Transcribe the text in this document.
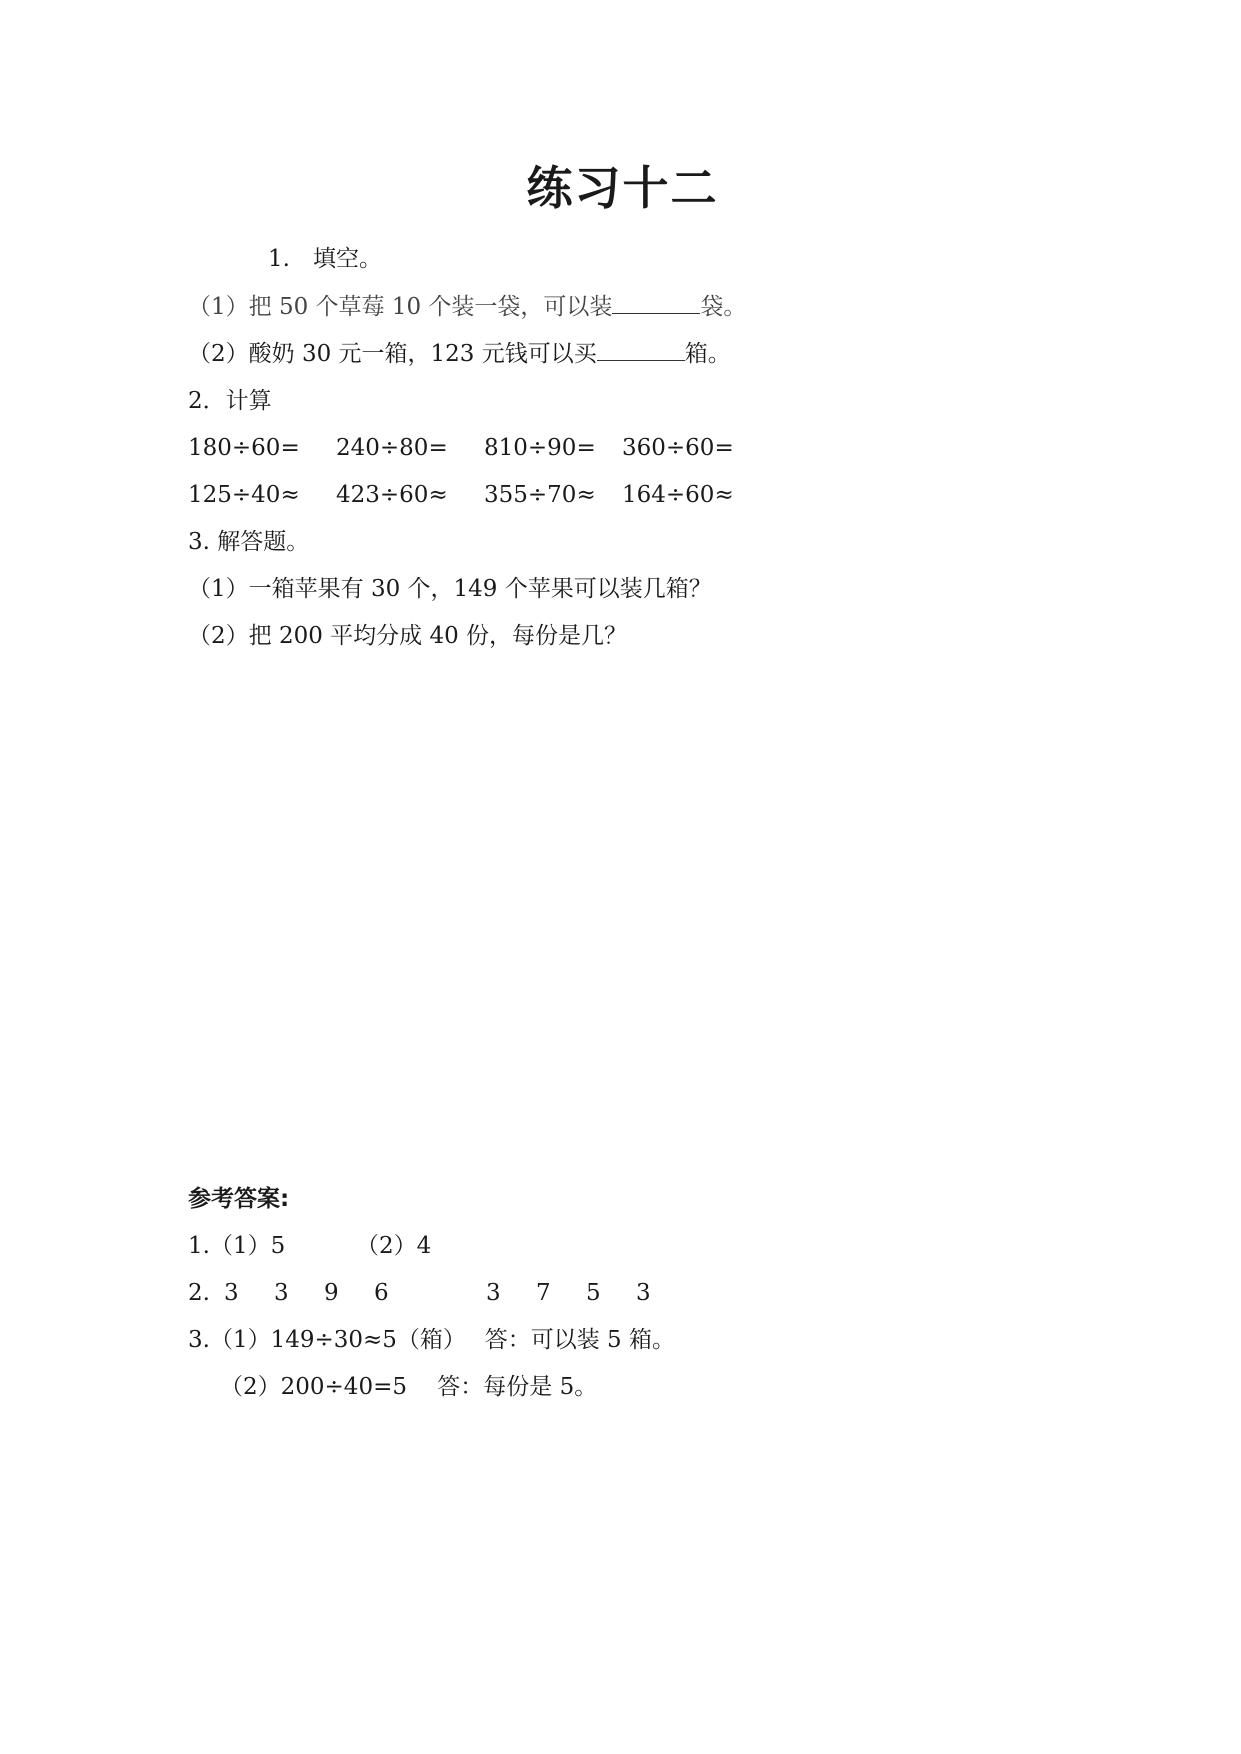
练习十二
1.　填空。
（1）把 50 个草莓 10 个装一袋，可以装	袋。
（2）酸奶 30 元一箱，123 元钱可以买	箱。
2．计算
180÷60= 240÷80= 810÷90= 360÷60=
125÷40≈ 423÷60≈ 355÷70≈ 164÷60≈
3. 解答题。
（1）一箱苹果有 30 个，149 个苹果可以装几箱？
（2）把 200 平均分成 40 份，每份是几？
参考答案:
1.（1）5	（2）4
2. 3 3 9 6	3 7 5 3
3.（1）149÷30≈5（箱）　 答：可以装 5 箱。
（2）200÷40=5　 答：每份是 5。
